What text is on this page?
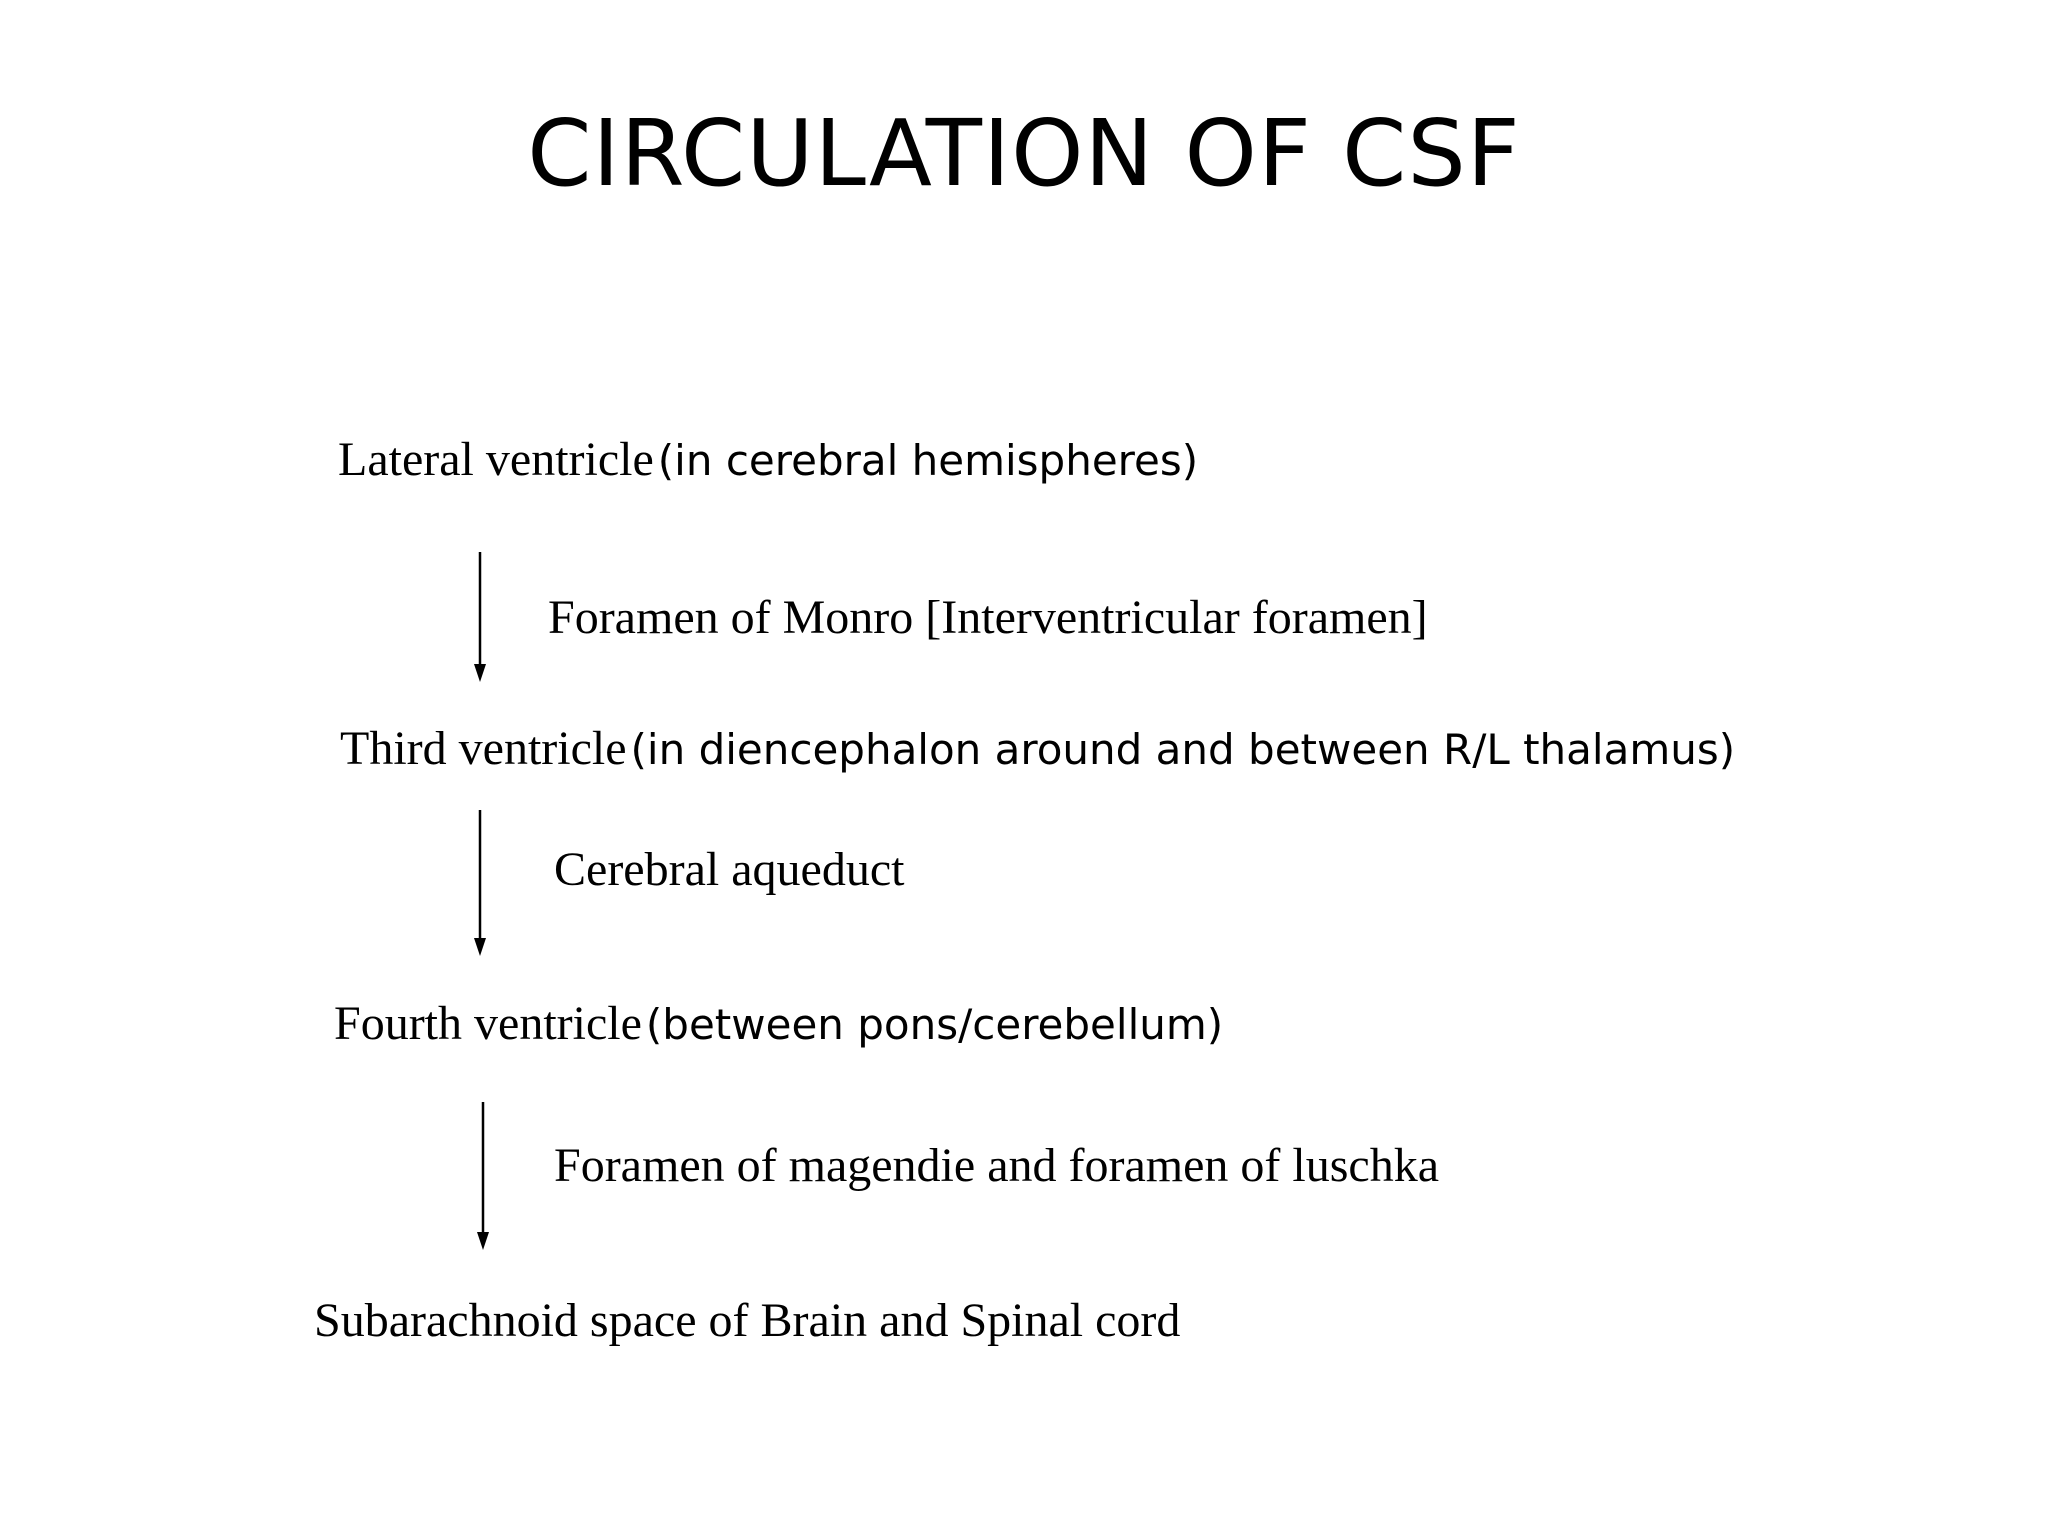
CIRCULATION OF CSF
Lateral ventricle (in cerebral hemispheres)
Foramen of Monro [Interventricular foramen]
Third ventricle (in diencephalon around and between R/L thalamus)
Cerebral aqueduct
Fourth ventricle (between pons/cerebellum)
Foramen of magendie and foramen of luschka
Subarachnoid space of Brain and Spinal cord
